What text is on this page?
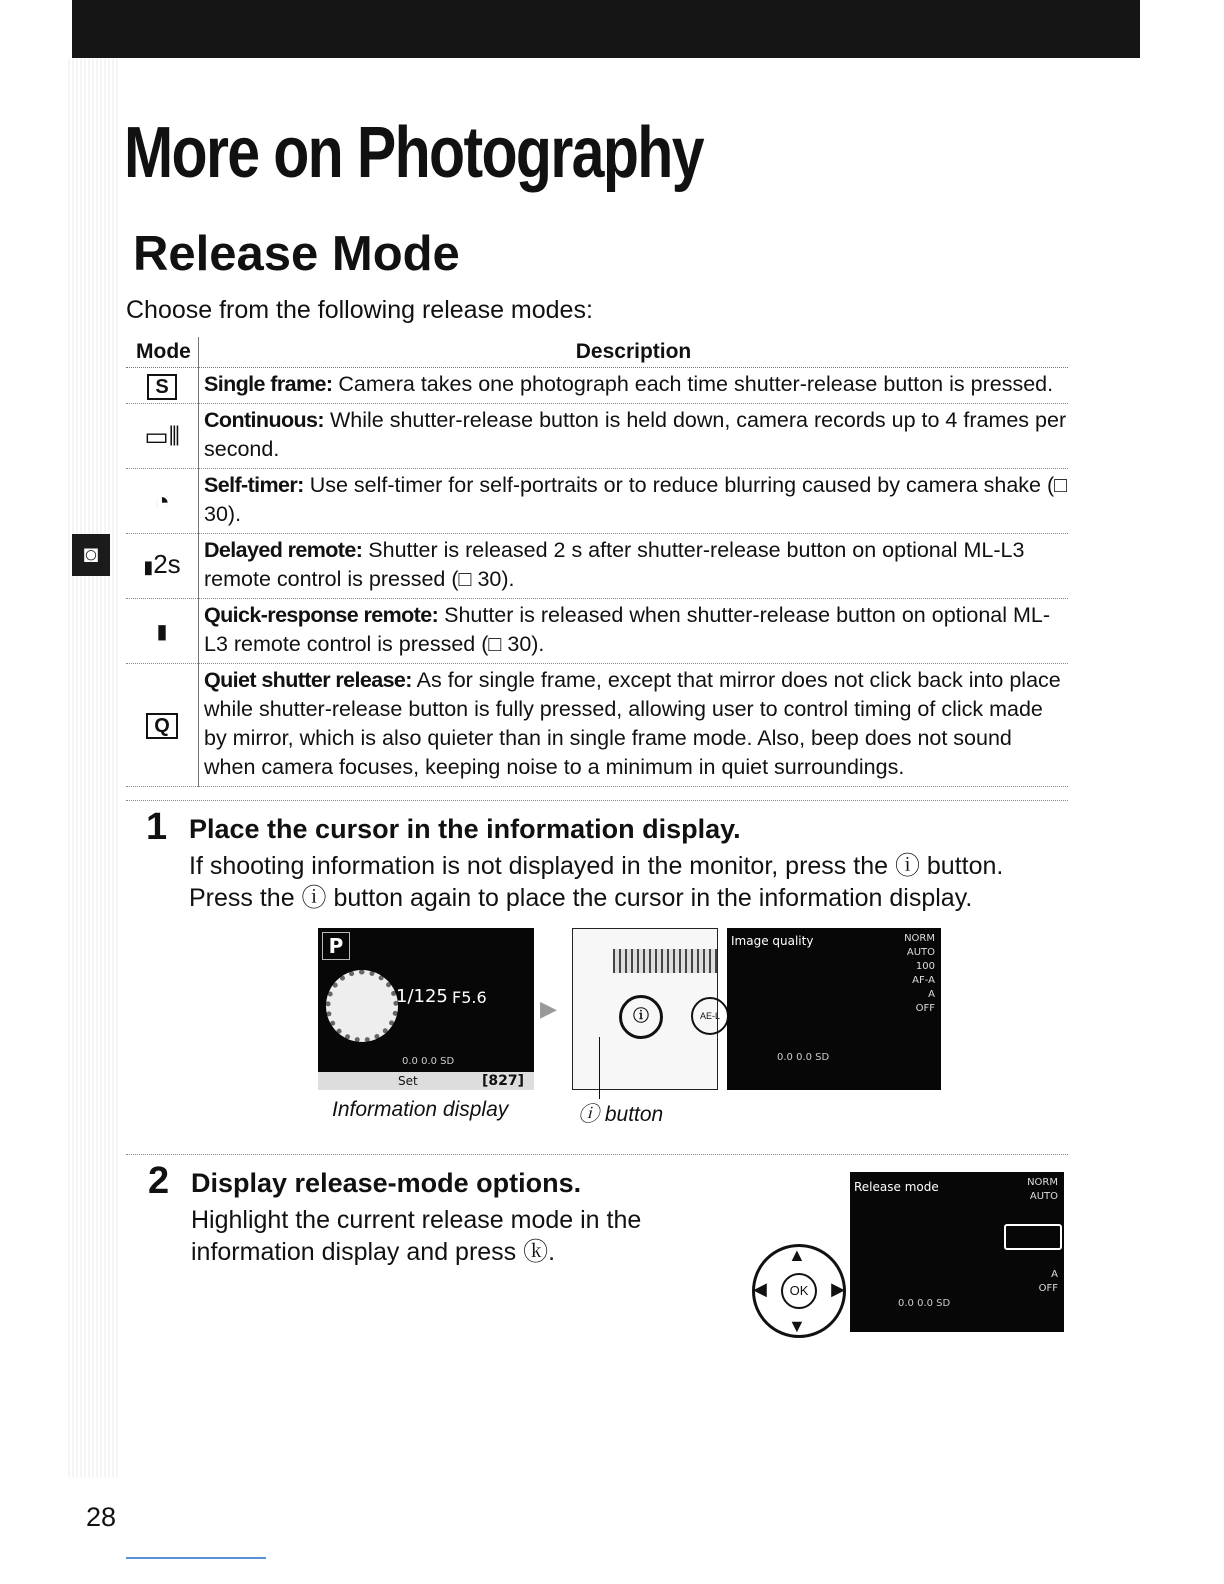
More on Photography
Release Mode
Choose from the following release modes:
◙
Mode	Description
S	Single frame: Camera takes one photograph each time shutter-release button is pressed.
▭⫴	Continuous: While shutter-release button is held down, camera records up to 4 frames per second.
◔	Self-timer: Use self-timer for self-portraits or to reduce blurring caused by camera shake (□ 30).
▮2s	Delayed remote: Shutter is released 2 s after shutter-release button on optional ML-L3 remote control is pressed (□ 30).
▮	Quick-response remote: Shutter is released when shutter-release button on optional ML-L3 remote control is pressed (□ 30).
Q	Quiet shutter release: As for single frame, except that mirror does not click back into place while shutter-release button is fully pressed, allowing user to control timing of click made by mirror, which is also quieter than in single frame mode. Also, beep does not sound when camera focuses, keeping noise to a minimum in quiet surroundings.
1 Place the cursor in the information display.
If shooting information is not displayed in the monitor, press the ⓘ button.
Press the ⓘ button again to place the cursor in the information display.
P
1/125 F5.6
0.0 0.0 SD
Set	[827]
▶	ⓘ	AE-L
Image quality	NORM
AUTO
100
AF-A
A
OFF
0.0 0.0 SD
Information display	ⓘ button
2 Display release-mode options.
Highlight the current release mode in the
information display and press ⓚ.
OK
▲
▼
◀	▶
Release mode	NORM
AUTO
A
OFF
0.0 0.0 SD
28
